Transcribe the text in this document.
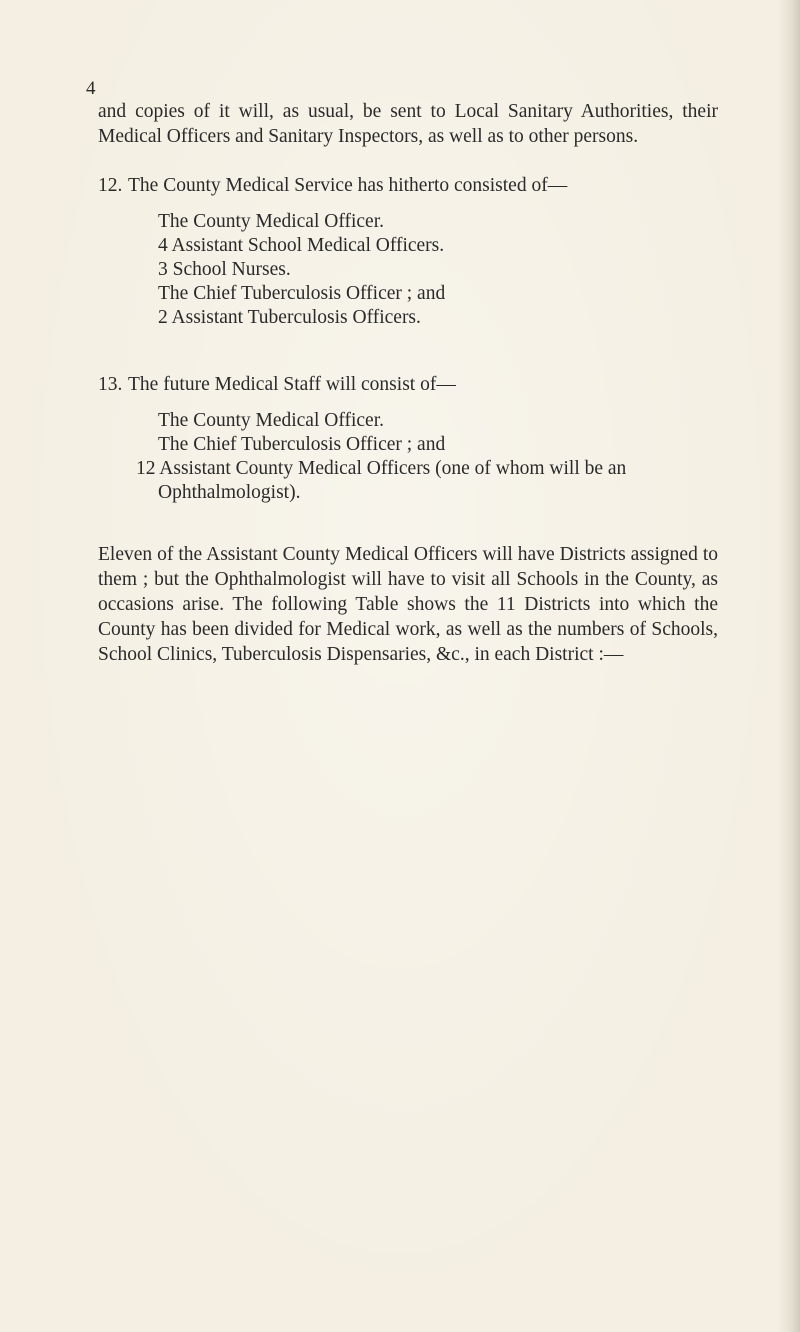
4

and copies of it will, as usual, be sent to Local Sanitary Authorities, their Medical Officers and Sanitary Inspectors, as well as to other persons.

12. The County Medical Service has hitherto consisted of—
The County Medical Officer.
4 Assistant School Medical Officers.
3 School Nurses.
The Chief Tuberculosis Officer ; and
2 Assistant Tuberculosis Officers.
13. The future Medical Staff will consist of—
The County Medical Officer.
The Chief Tuberculosis Officer ; and
12 Assistant County Medical Officers (one of whom will be an Ophthalmologist).

Eleven of the Assistant County Medical Officers will have Districts assigned to them ; but the Ophthalmologist will have to visit all Schools in the County, as occasions arise. The following Table shows the 11 Districts into which the County has been divided for Medical work, as well as the numbers of Schools, School Clinics, Tuberculosis Dispensaries, &c., in each District :—
